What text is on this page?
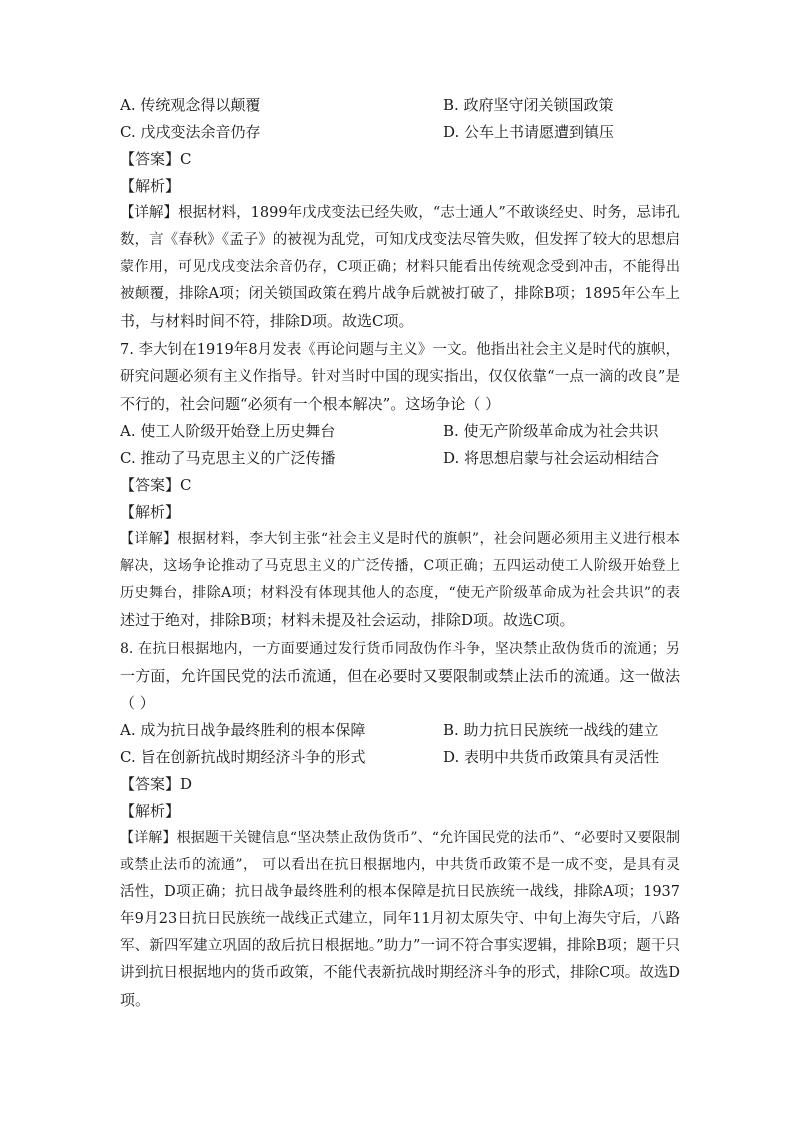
A. 传统观念得以颠覆	B. 政府坚守闭关锁国政策
C. 戊戌变法余音仍存	D. 公车上书请愿遭到镇压
【答案】C
【解析】
【详解】根据材料，1899年戊戌变法已经失败，“志士通人”不敢谈经史、时务，忌讳孔
数，言《春秋》《孟子》的被视为乱党，可知戊戌变法尽管失败，但发挥了较大的思想启
蒙作用，可见戊戌变法余音仍存，C项正确；材料只能看出传统观念受到冲击，不能得出
被颠覆，排除A项；闭关锁国政策在鸦片战争后就被打破了，排除B项；1895年公车上
书，与材料时间不符，排除D项。故选C项。
7. 李大钊在1919年8月发表《再论问题与主义》一文。他指出社会主义是时代的旗帜，
研究问题必须有主义作指导。针对当时中国的现实指出，仅仅依靠“一点一滴的改良”是
不行的，社会问题“必须有一个根本解决”。这场争论（ ）
A. 使工人阶级开始登上历史舞台	B. 使无产阶级革命成为社会共识
C. 推动了马克思主义的广泛传播	D. 将思想启蒙与社会运动相结合
【答案】C
【解析】
【详解】根据材料，李大钊主张“社会主义是时代的旗帜”，社会问题必须用主义进行根本
解决，这场争论推动了马克思主义的广泛传播，C项正确；五四运动使工人阶级开始登上
历史舞台，排除A项；材料没有体现其他人的态度，“使无产阶级革命成为社会共识”的表
述过于绝对，排除B项；材料未提及社会运动，排除D项。故选C项。
8. 在抗日根据地内，一方面要通过发行货币同敌伪作斗争，坚决禁止敌伪货币的流通；另
一方面，允许国民党的法币流通，但在必要时又要限制或禁止法币的流通。这一做法
（ ）
A. 成为抗日战争最终胜利的根本保障	B. 助力抗日民族统一战线的建立
C. 旨在创新抗战时期经济斗争的形式	D. 表明中共货币政策具有灵活性
【答案】D
【解析】
【详解】根据题干关键信息“坚决禁止敌伪货币”、“允许国民党的法币”、“必要时又要限制
或禁止法币的流通”， 可以看出在抗日根据地内，中共货币政策不是一成不变，是具有灵
活性，D项正确；抗日战争最终胜利的根本保障是抗日民族统一战线，排除A项；1937
年9月23日抗日民族统一战线正式建立，同年11月初太原失守、中旬上海失守后，八路
军、新四军建立巩固的敌后抗日根据地。”助力”一词不符合事实逻辑，排除B项；题干只
讲到抗日根据地内的货币政策，不能代表新抗战时期经济斗争的形式，排除C项。故选D
项。
